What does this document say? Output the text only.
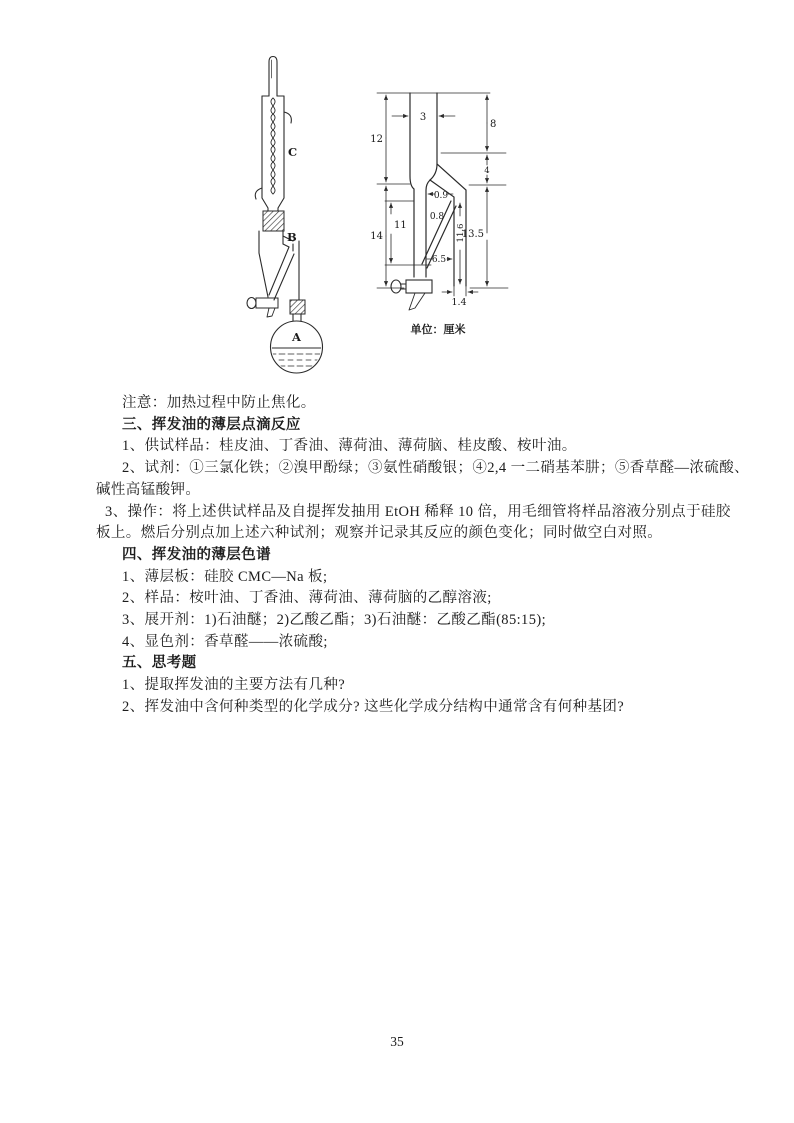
C
B
A
3
12
14
8
4
13.5
11
0.9
0.8
6.5
11.6
1.4
单位：厘米

注意：加热过程中防止焦化。

三、挥发油的薄层点滴反应

1、供试样品：桂皮油、丁香油、薄荷油、薄荷脑、桂皮酸、桉叶油。

2、试剂：①三氯化铁；②溴甲酚绿；③氨性硝酸银；④2,4 一二硝基苯肼；⑤香草醛—浓硫酸、

碱性高锰酸钾。

3、操作：将上述供试样品及自提挥发抽用 EtOH 稀释 10 倍，用毛细管将样品溶液分别点于硅胶

板上。燃后分别点加上述六种试剂；观察并记录其反应的颜色变化；同时做空白对照。

四、挥发油的薄层色谱

1、薄层板：硅胶 CMC—Na 板;

2、样品：桉叶油、丁香油、薄荷油、薄荷脑的乙醇溶液;

3、展开剂：1)石油醚；2)乙酸乙酯；3)石油醚：乙酸乙酯(85:15);

4、显色剂：香草醛——浓硫酸;

五、思考题

1、提取挥发油的主要方法有几种?

2、挥发油中含何种类型的化学成分? 这些化学成分结构中通常含有何种基团?

35
